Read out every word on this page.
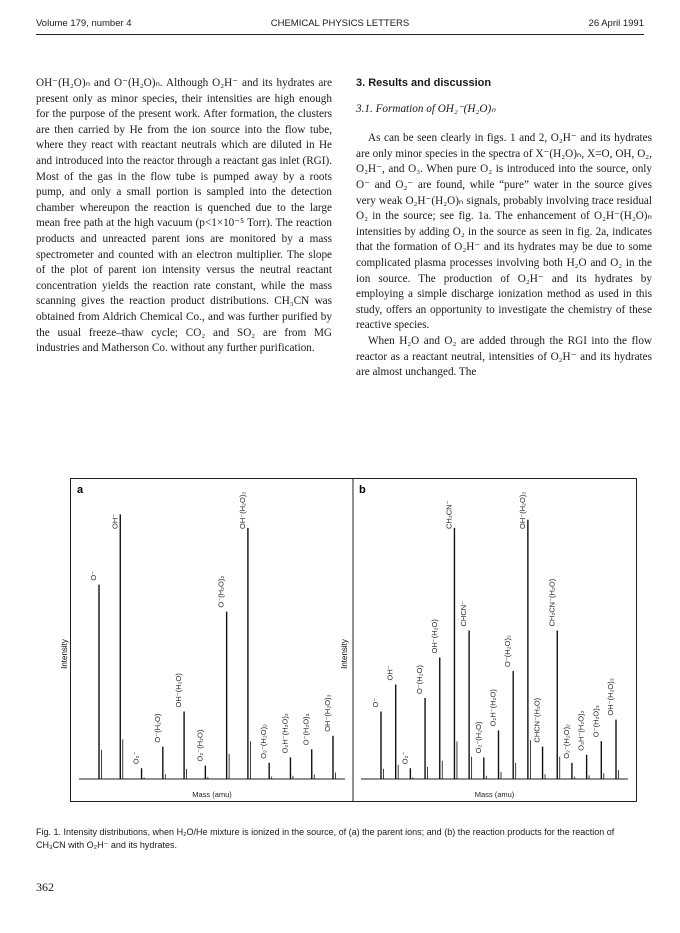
Volume 179, number 4	CHEMICAL PHYSICS LETTERS	26 April 1991

OH⁻(H₂O)ₙ and O⁻(H₂O)ₙ. Although O₂H⁻ and its hydrates are present only as minor species, their intensities are high enough for the purpose of the present work. After formation, the clusters are then carried by He from the ion source into the flow tube, where they react with reactant neutrals which are diluted in He and introduced into the reactor through a reactant gas inlet (RGI). Most of the gas in the flow tube is pumped away by a roots pump, and only a small portion is sampled into the detection chamber whereupon the reaction is quenched due to the large mean free path at the high vacuum (p<1×10⁻⁵ Torr). The reaction products and unreacted parent ions are monitored by a mass spectrometer and counted with an electron multiplier. The slope of the plot of parent ion intensity versus the neutral reactant concentration yields the reaction rate constant, while the mass scanning gives the reaction product distributions. CH₃CN was obtained from Aldrich Chemical Co., and was further purified by the usual freeze–thaw cycle; CO₂ and SO₂ are from MG industries and Matherson Co. without any further purification.

3. Results and discussion
3.1. Formation of OH₂⁻(H₂O)ₙ

As can be seen clearly in figs. 1 and 2, O₂H⁻ and its hydrates are only minor species in the spectra of X⁻(H₂O)ₙ, X=O, OH, O₂, O₂H⁻, and O₃. When pure O₂ is introduced into the source, only O⁻ and O₂⁻ are found, while “pure” water in the source gives very weak O₂H⁻(H₂O)ₙ signals, probably involving trace residual O₂ in the source; see fig. 1a. The enhancement of O₂H⁻(H₂O)ₙ intensities by adding O₂ in the source as seen in fig. 2a, indicates that the formation of O₂H⁻ and its hydrates may be due to some complicated plasma processes involving both H₂O and O₂ in the ion source. The production of O₂H⁻ and its hydrates by employing a simple discharge ionization method as used in this study, offers an opportunity to investigate the chemistry of these reactive species.

When H₂O and O₂ are added through the RGI into the flow reactor as a reactant neutral, intensities of O₂H⁻ and its hydrates are almost unchanged. The

a
Mass (amu)
Intensity
O⁻
OH⁻
O₂⁻
O⁻(H₂O)
OH⁻(H₂O)
O₂⁻(H₂O)
O⁻(H₂O)₂
OH⁻(H₂O)₂
O₂⁻(H₂O)₂ O₂H⁻(H₂O)₂ O⁻(H₂O)₃ OH⁻(H₂O)₃
b
Mass (amu)
Intensity
O⁻
OH⁻
O₂⁻
O⁻(H₂O)
OH⁻(H₂O)
CH₂CN⁻
CHCN⁻
O₂⁻(H₂O)
O₂H⁻(H₂O)
O⁻(H₂O)₂
OH⁻(H₂O)₂
CHCN⁻(H₂O)
CH₂CN⁻(H₂O)
O₂⁻(H₂O)₂ O₂H⁻(H₂O)₂ O⁻(H₂O)₃
OH⁻(H₂O)₃
Fig. 1. Intensity distributions, when H₂O/He mixture is ionized in the source, of (a) the parent ions; and (b) the reaction products for the reaction of CH₃CN with O₂H⁻ and its hydrates.
362
